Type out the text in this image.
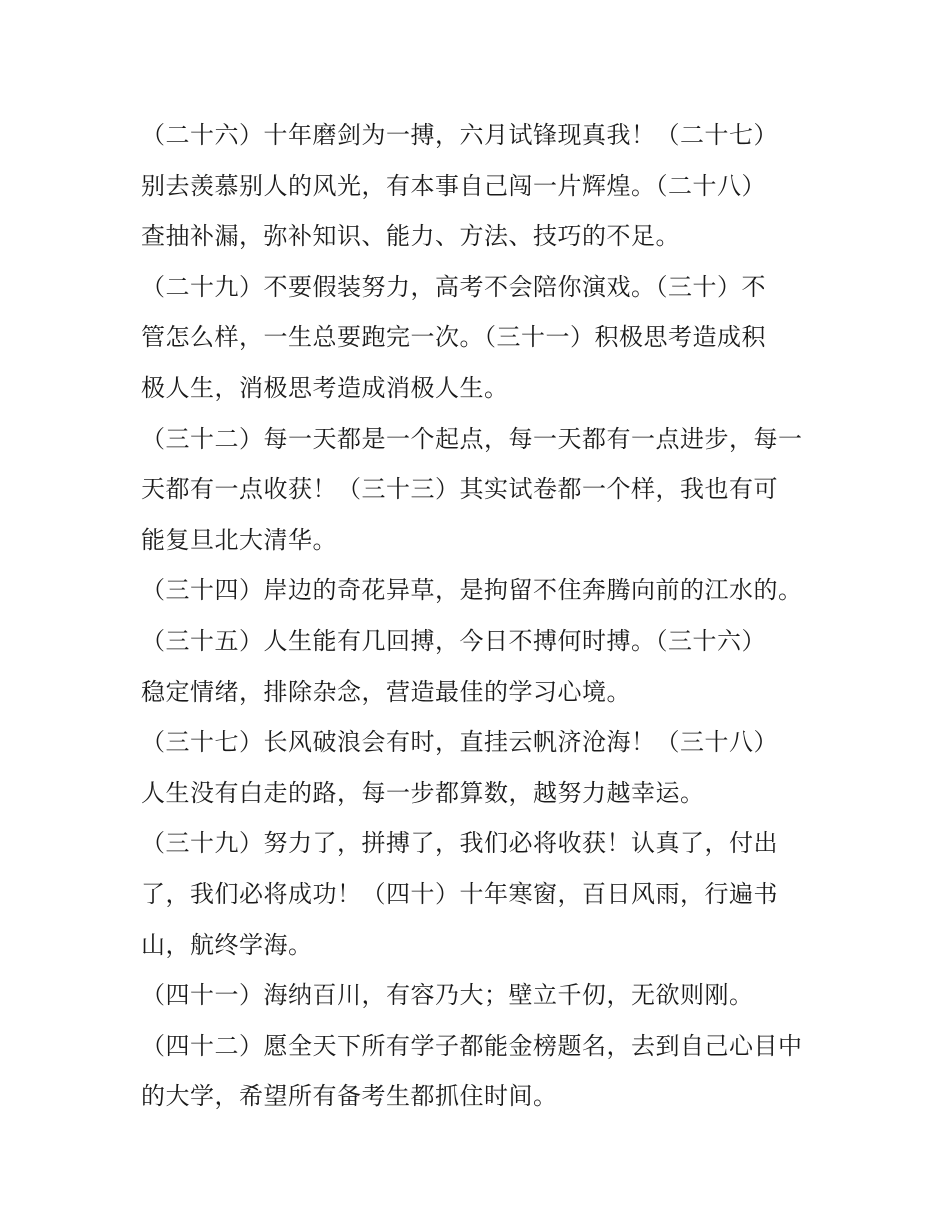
（二十六）十年磨剑为一搏，六月试锋现真我！（二十七）
别去羡慕别人的风光，有本事自己闯一片辉煌。（二十八）
查抽补漏，弥补知识、能力、方法、技巧的不足。
（二十九）不要假装努力，高考不会陪你演戏。（三十）不
管怎么样，一生总要跑完一次。（三十一）积极思考造成积
极人生，消极思考造成消极人生。
（三十二）每一天都是一个起点，每一天都有一点进步，每一
天都有一点收获！（三十三）其实试卷都一个样，我也有可
能复旦北大清华。
（三十四）岸边的奇花异草，是拘留不住奔腾向前的江水的。
（三十五）人生能有几回搏，今日不搏何时搏。（三十六）
稳定情绪，排除杂念，营造最佳的学习心境。
（三十七）长风破浪会有时，直挂云帆济沧海！（三十八）
人生没有白走的路，每一步都算数，越努力越幸运。
（三十九）努力了，拼搏了，我们必将收获！认真了，付出
了，我们必将成功！（四十）十年寒窗，百日风雨，行遍书
山，航终学海。
（四十一）海纳百川，有容乃大；壁立千仞，无欲则刚。
（四十二）愿全天下所有学子都能金榜题名，去到自己心目中
的大学，希望所有备考生都抓住时间。
